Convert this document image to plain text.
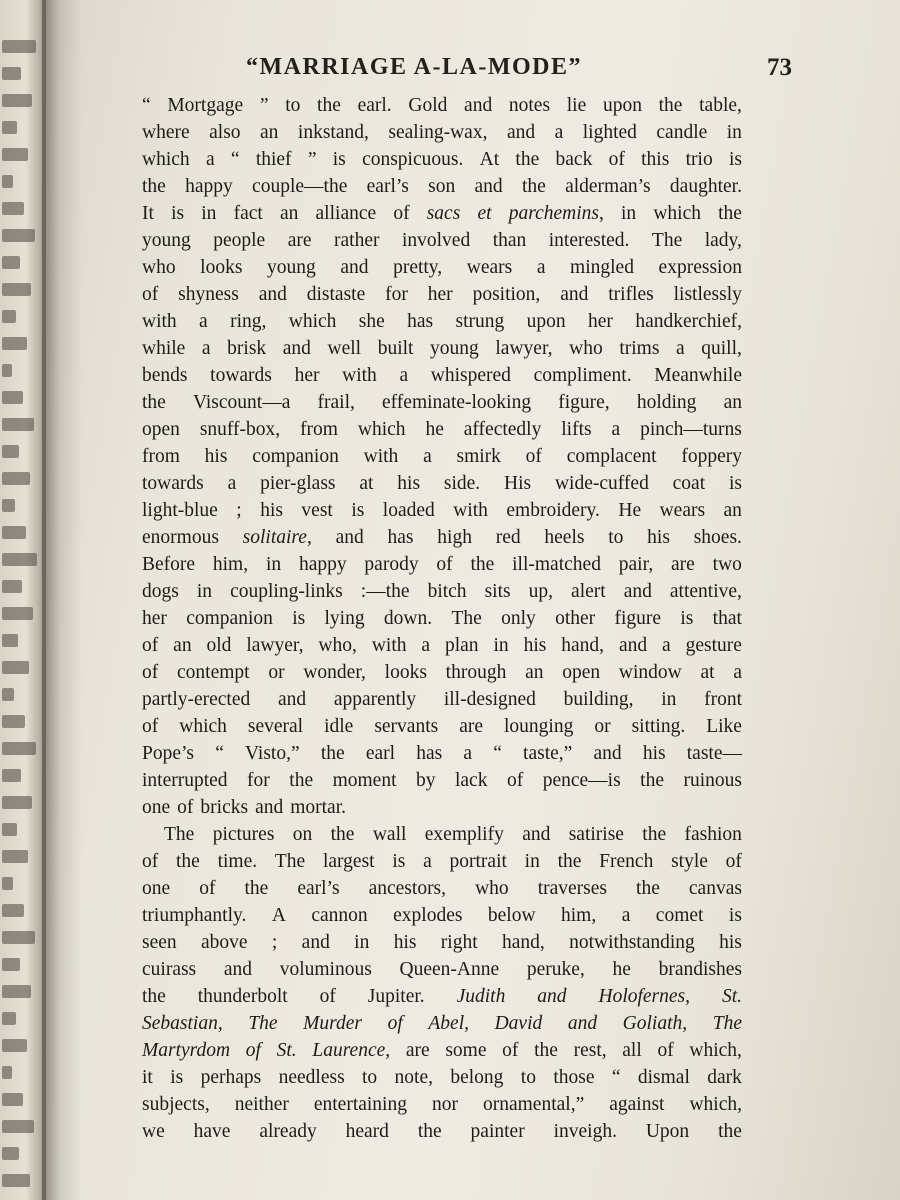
“MARRIAGE A-LA-MODE”	73
“ Mortgage ” to the earl. Gold and notes lie upon the table,
where also an inkstand, sealing-wax, and a lighted candle in
which a “ thief ” is conspicuous. At the back of this trio is
the happy couple—the earl’s son and the alderman’s daughter.
It is in fact an alliance of sacs et parchemins, in which the
young people are rather involved than interested. The lady,
who looks young and pretty, wears a mingled expression
of shyness and distaste for her position, and trifles listlessly
with a ring, which she has strung upon her handkerchief,
while a brisk and well built young lawyer, who trims a quill,
bends towards her with a whispered compliment. Meanwhile
the Viscount—a frail, effeminate-looking figure, holding an
open snuff-box, from which he affectedly lifts a pinch—turns
from his companion with a smirk of complacent foppery
towards a pier-glass at his side. His wide-cuffed coat is
light-blue ; his vest is loaded with embroidery. He wears an
enormous solitaire, and has high red heels to his shoes.
Before him, in happy parody of the ill-matched pair, are two
dogs in coupling-links :—the bitch sits up, alert and attentive,
her companion is lying down. The only other figure is that
of an old lawyer, who, with a plan in his hand, and a gesture
of contempt or wonder, looks through an open window at a
partly-erected and apparently ill-designed building, in front
of which several idle servants are lounging or sitting. Like
Pope’s “ Visto,” the earl has a “ taste,” and his taste—
interrupted for the moment by lack of pence—is the ruinous
one of bricks and mortar.
The pictures on the wall exemplify and satirise the fashion
of the time. The largest is a portrait in the French style of
one of the earl’s ancestors, who traverses the canvas
triumphantly. A cannon explodes below him, a comet is
seen above ; and in his right hand, notwithstanding his
cuirass and voluminous Queen-Anne peruke, he brandishes
the thunderbolt of Jupiter. Judith and Holofernes, St.
Sebastian, The Murder of Abel, David and Goliath, The
Martyrdom of St. Laurence, are some of the rest, all of which,
it is perhaps needless to note, belong to those “ dismal dark
subjects, neither entertaining nor ornamental,” against which,
we have already heard the painter inveigh. Upon the
